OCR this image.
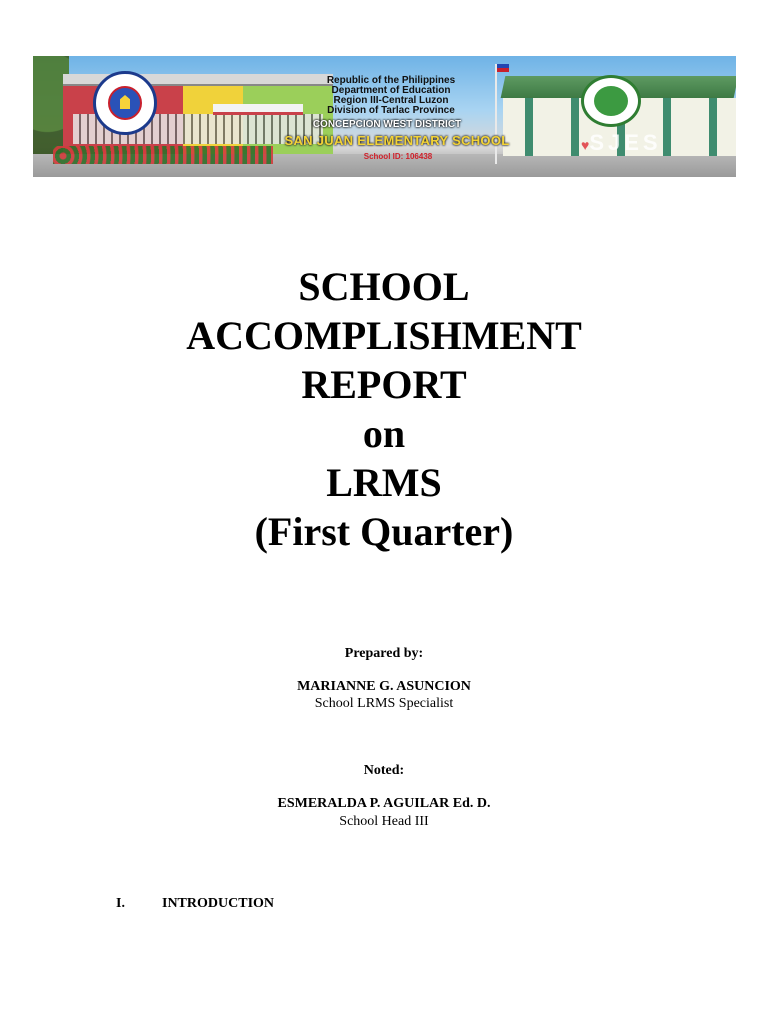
Republic of the Philippines
Department of Education
Region III-Central Luzon
Division of Tarlac Province
CONCEPCION WEST DISTRICT
SAN JUAN ELEMENTARY SCHOOL
School ID: 106438
♥SJES
SCHOOL
ACCOMPLISHMENT
REPORT
on
LRMS
(First Quarter)
Prepared by:
MARIANNE G. ASUNCION
School LRMS Specialist
Noted:
ESMERALDA P. AGUILAR Ed. D.
School Head III
I.	INTRODUCTION
